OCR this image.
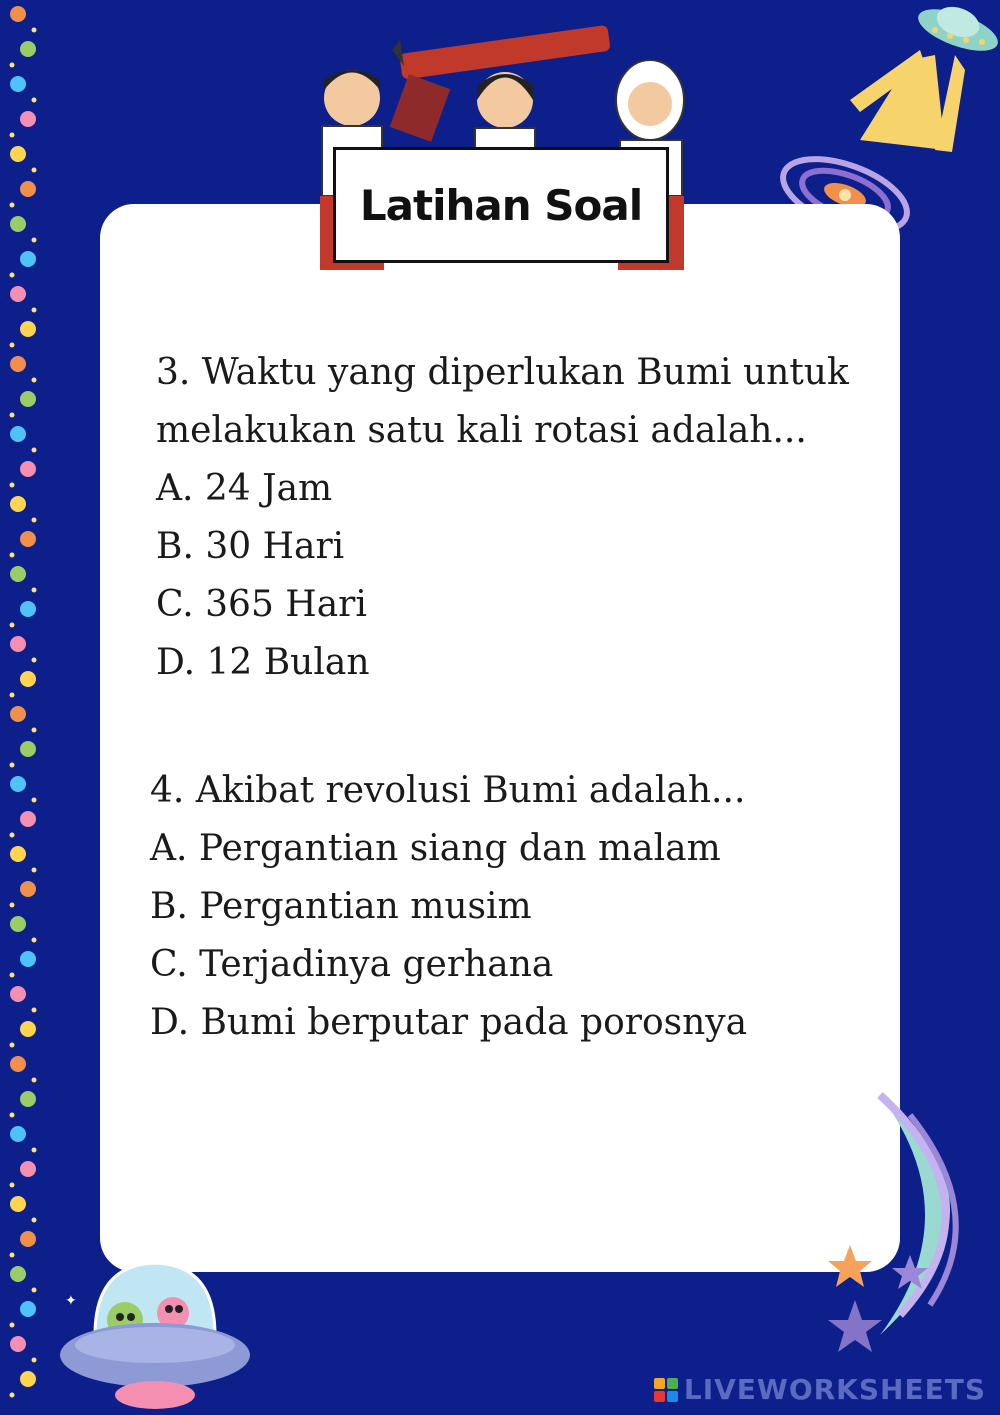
Latihan Soal
3. Waktu yang diperlukan Bumi untuk
melakukan satu kali rotasi adalah...
A. 24 Jam
B. 30 Hari
C. 365 Hari
D. 12 Bulan
4. Akibat revolusi Bumi adalah...
A. Pergantian siang dan malam
B. Pergantian musim
C. Terjadinya gerhana
D. Bumi berputar pada porosnya
✦
✦
LIVEWORKSHEETS
